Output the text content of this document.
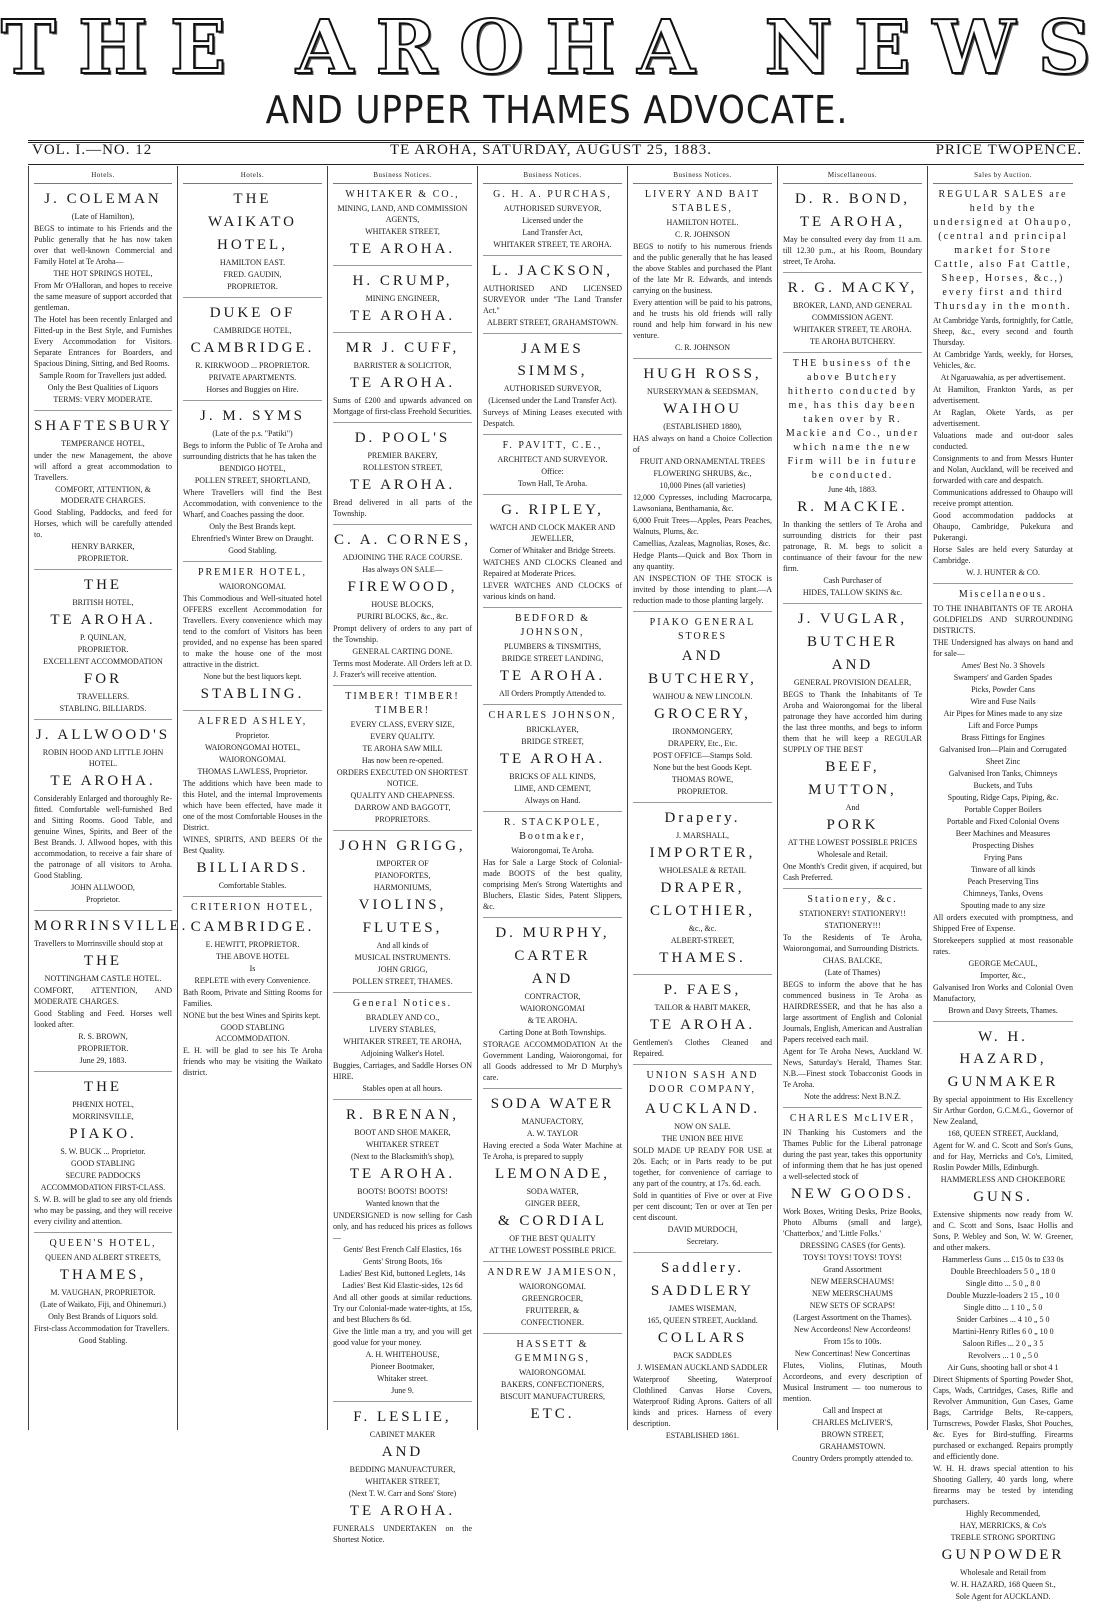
THE AROHA NEWS
AND UPPER THAMES ADVOCATE.
VOL. I.—NO. 12	TE AROHA, SATURDAY, AUGUST 25, 1883.	PRICE TWOPENCE.
Hotels.

J. COLEMAN

(Late of Hamilton),

BEGS to intimate to his Friends and the Public generally that he has now taken over that well-known Commercial and Family Hotel at Te Aroha—

THE HOT SPRINGS HOTEL,

From Mr O'Halloran, and hopes to receive the same measure of support accorded that gentleman.

The Hotel has been recently Enlarged and Fitted-up in the Best Style, and Furnishes Every Accommodation for Visitors. Separate Entrances for Boarders, and Spacious Dining, Sitting, and Bed Rooms.

Sample Room for Travellers just added.

Only the Best Qualities of Liquors

TERMS: VERY MODERATE.

SHAFTESBURY

TEMPERANCE HOTEL,

under the new Management, the above will afford a great accommodation to Travellers.

COMFORT, ATTENTION, & MODERATE CHARGES.

Good Stabling, Paddocks, and feed for Horses, which will be carefully attended to.

HENRY BARKER,

PROPRIETOR.

THE

BRITISH HOTEL,

TE AROHA.

P. QUINLAN,

PROPRIETOR.

EXCELLENT ACCOMMODATION

FOR

TRAVELLERS.

STABLING. BILLIARDS.

J. ALLWOOD'S

ROBIN HOOD AND LITTLE JOHN HOTEL.

TE AROHA.

Considerably Enlarged and thoroughly Re-fitted. Comfortable well-furnished Bed and Sitting Rooms. Good Table, and genuine Wines, Spirits, and Beer of the Best Brands. J. Allwood hopes, with this accommodation, to receive a fair share of the patronage of all visitors to Aroha. Good Stabling.

JOHN ALLWOOD,

Proprietor.

MORRINSVILLE.

Travellers to Morrinsville should stop at

THE

NOTTINGHAM CASTLE HOTEL.

COMFORT, ATTENTION, AND MODERATE CHARGES.

Good Stabling and Feed. Horses well looked after.

R. S. BROWN,

PROPRIETOR.

June 29, 1883.

THE

PHŒNIX HOTEL,

MORRINSVILLE,

PIAKO.

S. W. BUCK ... Proprietor.

GOOD STABLING

SECURE PADDOCKS

ACCOMMODATION FIRST-CLASS.

S. W. B. will be glad to see any old friends who may be passing, and they will receive every civility and attention.

QUEEN'S HOTEL,

QUEEN AND ALBERT STREETS,

THAMES,

M. VAUGHAN, PROPRIETOR.

(Late of Waikato, Fiji, and Ohinemuri.)

Only Best Brands of Liquors sold.

First-class Accommodation for Travellers.

Good Stabling.

Hotels.

THE

WAIKATO

HOTEL,

HAMILTON EAST.

FRED. GAUDIN,

PROPRIETOR.

DUKE OF

CAMBRIDGE HOTEL,

CAMBRIDGE.

R. KIRKWOOD ... PROPRIETOR.

PRIVATE APARTMENTS.

Horses and Buggies on Hire.

J. M. SYMS

(Late of the p.s. "Patiki")

Begs to inform the Public of Te Aroha and surrounding districts that he has taken the

BENDIGO HOTEL,

POLLEN STREET, SHORTLAND,

Where Travellers will find the Best Accommodation, with convenience to the Wharf, and Coaches passing the door.

Only the Best Brands kept.

Ehrenfried's Winter Brew on Draught.

Good Stabling.

PREMIER HOTEL,

WAIORONGOMAI.

This Commodious and Well-situated hotel OFFERS excellent Accommodation for Travellers. Every convenience which may tend to the comfort of Visitors has been provided, and no expense has been spared to make the house one of the most attractive in the district.

None but the best liquors kept.

STABLING.

ALFRED ASHLEY,

Proprietor.

WAIORONGOMAI HOTEL,

WAIORONGOMAI.

THOMAS LAWLESS, Proprietor.

The additions which have been made to this Hotel, and the internal Improvements which have been effected, have made it one of the most Comfortable Houses in the District.

WINES, SPIRITS, AND BEERS Of the Best Quality.

BILLIARDS.

Comfortable Stables.

CRITERION HOTEL,

CAMBRIDGE.

E. HEWITT, PROPRIETOR.

THE ABOVE HOTEL

Is

REPLETE with every Convenience.

Bath Room, Private and Sitting Rooms for Families.

NONE but the best Wines and Spirits kept.

GOOD STABLING ACCOMMODATION.

E. H. will be glad to see his Te Aroha friends who may be visiting the Waikato district.

Business Notices.

WHITAKER & CO.,

MINING, LAND, AND COMMISSION AGENTS,

WHITAKER STREET,

TE AROHA.

H. CRUMP,

MINING ENGINEER,

TE AROHA.

MR J. CUFF,

BARRISTER & SOLICITOR,

TE AROHA.

Sums of £200 and upwards advanced on Mortgage of first-class Freehold Securities.

D. POOL'S

PREMIER BAKERY,

ROLLESTON STREET,

TE AROHA.

Bread delivered in all parts of the Township.

C. A. CORNES,

ADJOINING THE RACE COURSE.

Has always ON SALE—

FIREWOOD,

HOUSE BLOCKS,

PURIRI BLOCKS, &c., &c.

Prompt delivery of orders to any part of the Township.

GENERAL CARTING DONE.

Terms most Moderate. All Orders left at D. J. Frazer's will receive attention.

TIMBER! TIMBER! TIMBER!

EVERY CLASS, EVERY SIZE,

EVERY QUALITY.

TE AROHA SAW MILL

Has now been re-opened.

ORDERS EXECUTED ON SHORTEST NOTICE.

QUALITY AND CHEAPNESS.

DARROW AND BAGGOTT,

PROPRIETORS.

JOHN GRIGG,

IMPORTER OF

PIANOFORTES,

HARMONIUMS,

VIOLINS,

FLUTES,

And all kinds of

MUSICAL INSTRUMENTS.

JOHN GRIGG,

POLLEN STREET, THAMES.

General Notices.

BRADLEY AND CO.,

LIVERY STABLES,

WHITAKER STREET, TE AROHA,

Adjoining Walker's Hotel.

Buggies, Carriages, and Saddle Horses ON HIRE.

Stables open at all hours.

R. BRENAN,

BOOT AND SHOE MAKER,

WHITAKER STREET

(Next to the Blacksmith's shop),

TE AROHA.

BOOTS! BOOTS! BOOTS!

Wanted known that the

UNDERSIGNED is now selling for Cash only, and has reduced his prices as follows—

Gents' Best French Calf Elastics, 16s

Gents' Strong Boots, 16s

Ladies' Best Kid, buttoned Leglets, 14s

Ladies' Best Kid Elastic-sides, 12s 6d

And all other goods at similar reductions. Try our Colonial-made water-tights, at 15s, and best Bluchers 8s 6d.

Give the little man a try, and you will get good value for your money.

A. H. WHITEHOUSE,

Pioneer Bootmaker,

Whitaker street.

June 9.

F. LESLIE,

CABINET MAKER

AND

BEDDING MANUFACTURER,

WHITAKER STREET,

(Next T. W. Carr and Sons' Store)

TE AROHA.

FUNERALS UNDERTAKEN on the Shortest Notice.

Business Notices.

G. H. A. PURCHAS,

AUTHORISED SURVEYOR,

Licensed under the

Land Transfer Act,

WHITAKER STREET, TE AROHA.

L. JACKSON,

AUTHORISED AND LICENSED SURVEYOR under "The Land Transfer Act."

ALBERT STREET, GRAHAMSTOWN.

JAMES SIMMS,

AUTHORISED SURVEYOR,

(Licensed under the Land Transfer Act).

Surveys of Mining Leases executed with Despatch.

F. PAVITT, C.E.,

ARCHITECT AND SURVEYOR.

Office:

Town Hall, Te Aroha.

G. RIPLEY,

WATCH AND CLOCK MAKER AND JEWELLER,

Corner of Whitaker and Bridge Streets.

WATCHES AND CLOCKS Cleaned and Repaired at Moderate Prices.

LEVER WATCHES AND CLOCKS of various kinds on hand.

BEDFORD & JOHNSON,

PLUMBERS & TINSMITHS,

BRIDGE STREET LANDING,

TE AROHA.

All Orders Promptly Attended to.

CHARLES JOHNSON,

BRICKLAYER,

BRIDGE STREET,

TE AROHA.

BRICKS OF ALL KINDS,

LIME, AND CEMENT,

Always on Hand.

R. STACKPOLE, Bootmaker,

Waiorongomai, Te Aroha.

Has for Sale a Large Stock of Colonial-made BOOTS of the best quality, comprising Men's Strong Watertights and Bluchers, Elastic Sides, Patent Slippers, &c.

D. MURPHY,

CARTER

AND

CONTRACTOR,

WAIORONGOMAI

& TE AROHA.

Carting Done at Both Townships.

STORAGE ACCOMMODATION At the Government Landing, Waiorongomai, for all Goods addressed to Mr D Murphy's care.

SODA WATER

MANUFACTORY,

A. W. TAYLOR

Having erected a Soda Water Machine at Te Aroha, is prepared to supply

LEMONADE,

SODA WATER,

GINGER BEER,

& CORDIAL

OF THE BEST QUALITY

AT THE LOWEST POSSIBLE PRICE.

ANDREW JAMIESON,

WAIORONGOMAI.

GREENGROCER,

FRUITERER, &

CONFECTIONER.

HASSETT & GEMMINGS,

WAIORONGOMAI.

BAKERS, CONFECTIONERS,

BISCUIT MANUFACTURERS,

ETC.

Business Notices.

LIVERY AND BAIT STABLES,

HAMILTON HOTEL.

C. R. JOHNSON

BEGS to notify to his numerous friends and the public generally that he has leased the above Stables and purchased the Plant of the late Mr R. Edwards, and intends carrying on the business.

Every attention will be paid to his patrons, and he trusts his old friends will rally round and help him forward in his new venture.

C. R. JOHNSON

HUGH ROSS,

NURSERYMAN & SEEDSMAN,

WAIHOU

(ESTABLISHED 1880),

HAS always on hand a Choice Collection of

FRUIT AND ORNAMENTAL TREES

FLOWERING SHRUBS, &c.,

10,000 Pines (all varieties)

12,000 Cypresses, including Macrocarpa, Lawsoniana, Benthamania, &c.

6,000 Fruit Trees—Apples, Pears Peaches, Walnuts, Plums, &c.

Camellias, Azaleas, Magnolias, Roses, &c.

Hedge Plants—Quick and Box Thorn in any quantity.

AN INSPECTION OF THE STOCK is invited by those intending to plant.—A reduction made to those planting largely.

PIAKO GENERAL STORES

AND

BUTCHERY,

WAIHOU & NEW LINCOLN.

GROCERY,

IRONMONGERY,

DRAPERY, Etc., Etc.

POST OFFICE—Stamps Sold.

None but the best Goods Kept.

THOMAS ROWE,

PROPRIETOR.

Drapery.

J. MARSHALL,

IMPORTER,

WHOLESALE & RETAIL

DRAPER,

CLOTHIER,

&c., &c.

ALBERT-STREET,

THAMES.

P. FAES,

TAILOR & HABIT MAKER,

TE AROHA.

Gentlemen's Clothes Cleaned and Repaired.

UNION SASH AND DOOR COMPANY,

AUCKLAND.

NOW ON SALE.

THE UNION BEE HIVE

SOLD MADE UP READY FOR USE at 20s. Each; or in Parts ready to be put together, for convenience of carriage to any part of the country, at 17s. 6d. each.

Sold in quantities of Five or over at Five per cent discount; Ten or over at Ten per cent discount.

DAVID MURDOCH,

Secretary.

Saddlery.

SADDLERY

JAMES WISEMAN,

165, QUEEN STREET, Auckland.

COLLARS

PACK SADDLES

J. WISEMAN AUCKLAND SADDLER

Waterproof Sheeting, Waterproof Clothlined Canvas Horse Covers, Waterproof Riding Aprons. Gaiters of all kinds and prices. Harness of every description.

ESTABLISHED 1861.

Miscellaneous.

D. R. BOND,

TE AROHA,

May be consulted every day from 11 a.m. till 12.30 p.m., at his Room, Boundary street, Te Aroha.

R. G. MACKY,

BROKER, LAND, AND GENERAL

COMMISSION AGENT.

WHITAKER STREET, TE AROHA.

TE AROHA BUTCHERY.

THE business of the above Butchery hitherto conducted by me, has this day been taken over by R. Mackie and Co., under which name the new Firm will be in future be conducted.

June 4th, 1883.

R. MACKIE.

In thanking the settlers of Te Aroha and surrounding districts for their past patronage, R. M. begs to solicit a continuance of their favour for the new firm.

Cash Purchaser of

HIDES, TALLOW SKINS &c.

J. VUGLAR,

BUTCHER

AND

GENERAL PROVISION DEALER,

BEGS to Thank the Inhabitants of Te Aroha and Waiorongomai for the liberal patronage they have accorded him during the last three months, and begs to inform them that he will keep a REGULAR SUPPLY OF THE BEST

BEEF,

MUTTON,

And

PORK

AT THE LOWEST POSSIBLE PRICES

Wholesale and Retail.

One Month's Credit given, if acquired, but Cash Preferred.

Stationery, &c.

STATIONERY! STATIONERY!!

STATIONERY!!!

To the Residents of Te Aroha, Waiorongomai, and Surrounding Districts.

CHAS. BALCKE,

(Late of Thames)

BEGS to inform the above that he has commenced business in Te Aroha as HAIRDRESSER, and that he has also a large assortment of English and Colonial Journals, English, American and Australian Papers received each mail.

Agent for Te Aroha News, Auckland W. News, Saturday's Herald, Thames Star. N.B.—Finest stock Tobacconist Goods in Te Aroha.

Note the address: Next B.N.Z.

CHARLES McLIVER,

IN Thanking his Customers and the Thames Public for the Liberal patronage during the past year, takes this opportunity of informing them that he has just opened a well-selected stock of

NEW GOODS.

Work Boxes, Writing Desks, Prize Books, Photo Albums (small and large), 'Chatterbox,' and 'Little Folks.'

DRESSING CASES (for Gents).

TOYS! TOYS! TOYS! TOYS!

Grand Assortment

NEW MEERSCHAUMS!

NEW MEERSCHAUMS

NEW SETS OF SCRAPS!

(Largest Assortment on the Thames).

New Accordeons! New Accordeons!

From 15s to 100s.

New Concertinas! New Concertinas

Flutes, Violins, Flutinas, Mouth Accordeons, and every description of Musical Instrument — too numerous to mention.

Call and Inspect at

CHARLES McLIVER'S,

BROWN STREET,

GRAHAMSTOWN.

Country Orders promptly attended to.

Sales by Auction.

REGULAR SALES are held by the undersigned at Ohaupo, (central and principal market for Store Cattle, also Fat Cattle, Sheep, Horses, &c.,) every first and third Thursday in the month.

At Cambridge Yards, fortnightly, for Cattle, Sheep, &c., every second and fourth Thursday.

At Cambridge Yards, weekly, for Horses, Vehicles, &c.

At Ngaruawahia, as per advertisement.

At Hamilton, Frankton Yards, as per advertisement.

At Raglan, Okete Yards, as per advertisement.

Valuations made and out-door sales conducted.

Consignments to and from Messrs Hunter and Nolan, Auckland, will be received and forwarded with care and despatch.

Communications addressed to Ohaupo will receive prompt attention.

Good accommodation paddocks at Ohaupo, Cambridge, Pukekura and Pukerangi.

Horse Sales are held every Saturday at Cambridge.

W. J. HUNTER & CO.

Miscellaneous.

TO THE INHABITANTS OF TE AROHA GOLDFIELDS AND SURROUNDING DISTRICTS.

THE Undersigned has always on hand and for sale—

Ames' Best No. 3 Shovels

Swampers' and Garden Spades

Picks, Powder Cans

Wire and Fuse Nails

Air Pipes for Mines made to any size

Lift and Force Pumps

Brass Fittings for Engines

Galvanised Iron—Plain and Corrugated

Sheet Zinc

Galvanised Iron Tanks, Chimneys

Buckets, and Tubs

Spouting, Ridge Caps, Piping, &c.

Portable Copper Boilers

Portable and Fixed Colonial Ovens

Beer Machines and Measures

Prospecting Dishes

Frying Pans

Tinware of all kinds

Peach Preserving Tins

Chimneys, Tanks, Ovens

Spouting made to any size

All orders executed with promptness, and Shipped Free of Expense.

Storekeepers supplied at most reasonable rates.

GEORGE McCAUL,

Importer, &c.,

Galvanised Iron Works and Colonial Oven Manufactory,

Brown and Davy Streets, Thames.

W. H. HAZARD,

GUNMAKER

By special appointment to His Excellency Sir Arthur Gordon, G.C.M.G., Governor of New Zealand,

168, QUEEN STREET, Auckland,

Agent for W. and C. Scott and Son's Guns, and for Hay, Merricks and Co's, Limited, Roslin Powder Mills, Edinburgh.

HAMMERLESS AND CHOKEBORE

GUNS.

Extensive shipments now ready from W. and C. Scott and Sons, Isaac Hollis and Sons, P. Webley and Son, W. W. Greener, and other makers.

Hammerless Guns ... £15 0s to £33 0s

Double Breechloaders 5 0 „ 18 0

Single ditto ... 5 0 „ 8 0

Double Muzzle-loaders 2 15 „ 10 0

Single ditto ... 1 10 „ 5 0

Snider Carbines ... 4 10 „ 5 0

Martini-Henry Rifles 6 0 „ 10 0

Saloon Rifles ... 2 0 „ 3 5

Revolvers ... 1 0 „ 5 0

Air Guns, shooting ball or shot 4 1

Direct Shipments of Sporting Powder Shot, Caps, Wads, Cartridges, Cases, Rifle and Revolver Ammunition, Gun Cases, Game Bags, Cartridge Belts, Re-cappers, Turnscrews, Powder Flasks, Shot Pouches, &c. Eyes for Bird-stuffing. Firearms purchased or exchanged. Repairs promptly and efficiently done.

W. H. H. draws special attention to his Shooting Gallery, 40 yards long, where firearms may be tested by intending purchasers.

Highly Recommended,

HAY, MERRICKS, & Co's

TREBLE STRONG SPORTING

GUNPOWDER

Wholesale and Retail from

W. H. HAZARD, 168 Queen St.,

Sole Agent for AUCKLAND.
